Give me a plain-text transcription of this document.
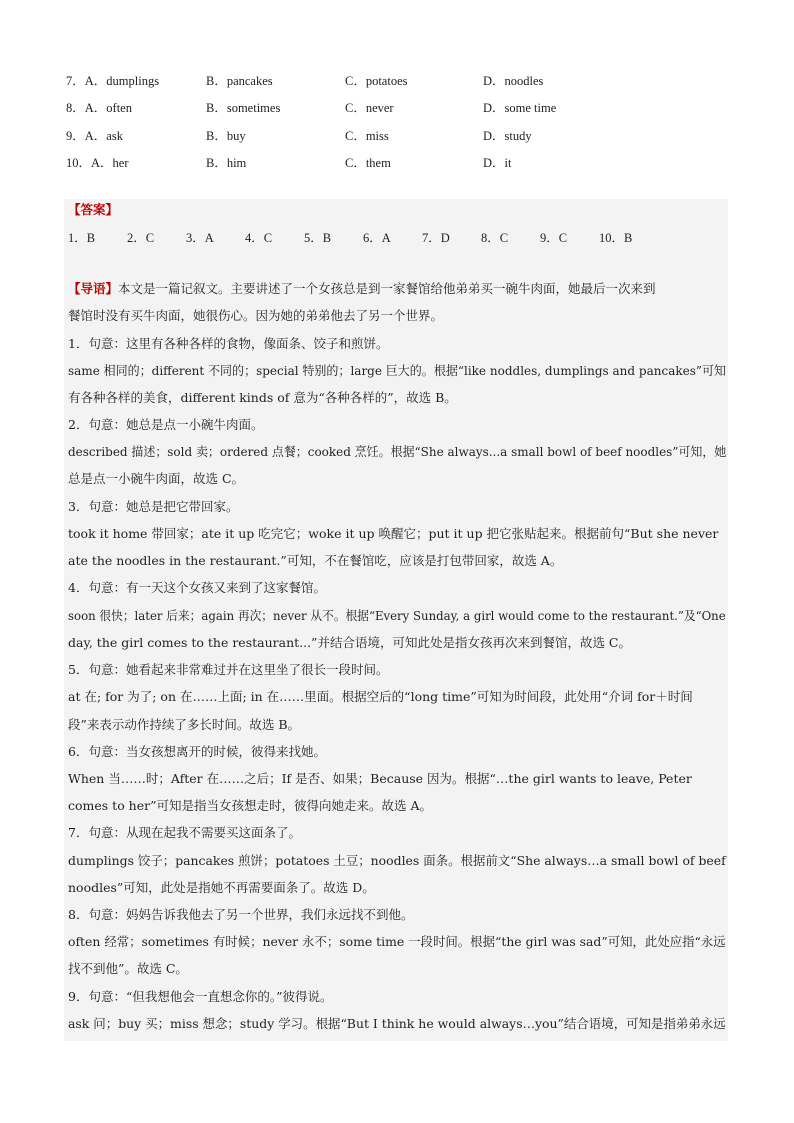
7．A．dumplings	B．pancakes	C．potatoes	D．noodles
8．A．often	B．sometimes	C．never	D．some time
9．A．ask	B．buy	C．miss	D．study
10．A．her	B．him	C．them	D．it
【答案】
1．B	2．C	3．A	4．C	5．B	6．A	7．D	8．C	9．C	10．B
【导语】本文是一篇记叙文。主要讲述了一个女孩总是到一家餐馆给他弟弟买一碗牛肉面，她最后一次来到
餐馆时没有买牛肉面，她很伤心。因为她的弟弟他去了另一个世界。
1．句意：这里有各种各样的食物，像面条、饺子和煎饼。
same 相同的；different 不同的；special 特别的；large 巨大的。根据“like noddles, dumplings and pancakes”可知
有各种各样的美食，different kinds of 意为“各种各样的”，故选 B。
2．句意：她总是点一小碗牛肉面。
described 描述；sold 卖；ordered 点餐；cooked 烹饪。根据“She always...a small bowl of beef noodles”可知，她
总是点一小碗牛肉面，故选 C。
3．句意：她总是把它带回家。
took it home 带回家；ate it up 吃完它；woke it up 唤醒它；put it up 把它张贴起来。根据前句“But she never
ate the noodles in the restaurant.”可知，不在餐馆吃，应该是打包带回家，故选 A。
4．句意：有一天这个女孩又来到了这家餐馆。
soon 很快；later 后来；again 再次；never 从不。根据“Every Sunday, a girl would come to the restaurant.”及“One
day, the girl comes to the restaurant...”并结合语境，可知此处是指女孩再次来到餐馆，故选 C。
5．句意：她看起来非常难过并在这里坐了很长一段时间。
at 在; for 为了; on 在……上面; in 在……里面。根据空后的“long time”可知为时间段，此处用“介词 for＋时间
段”来表示动作持续了多长时间。故选 B。
6．句意：当女孩想离开的时候，彼得来找她。
When 当……时；After 在……之后；If 是否、如果；Because 因为。根据“…the girl wants to leave, Peter
comes to her”可知是指当女孩想走时，彼得向她走来。故选 A。
7．句意：从现在起我不需要买这面条了。
dumplings 饺子；pancakes 煎饼；potatoes 土豆；noodles 面条。根据前文“She always…a small bowl of beef
noodles”可知，此处是指她不再需要面条了。故选 D。
8．句意：妈妈告诉我他去了另一个世界，我们永远找不到他。
often 经常；sometimes 有时候；never 永不；some time 一段时间。根据“the girl was sad”可知，此处应指“永远
找不到他”。故选 C。
9．句意：“但我想他会一直想念你的。”彼得说。
ask 问；buy 买；miss 想念；study 学习。根据“But I think he would always…you”结合语境，可知是指弟弟永远
